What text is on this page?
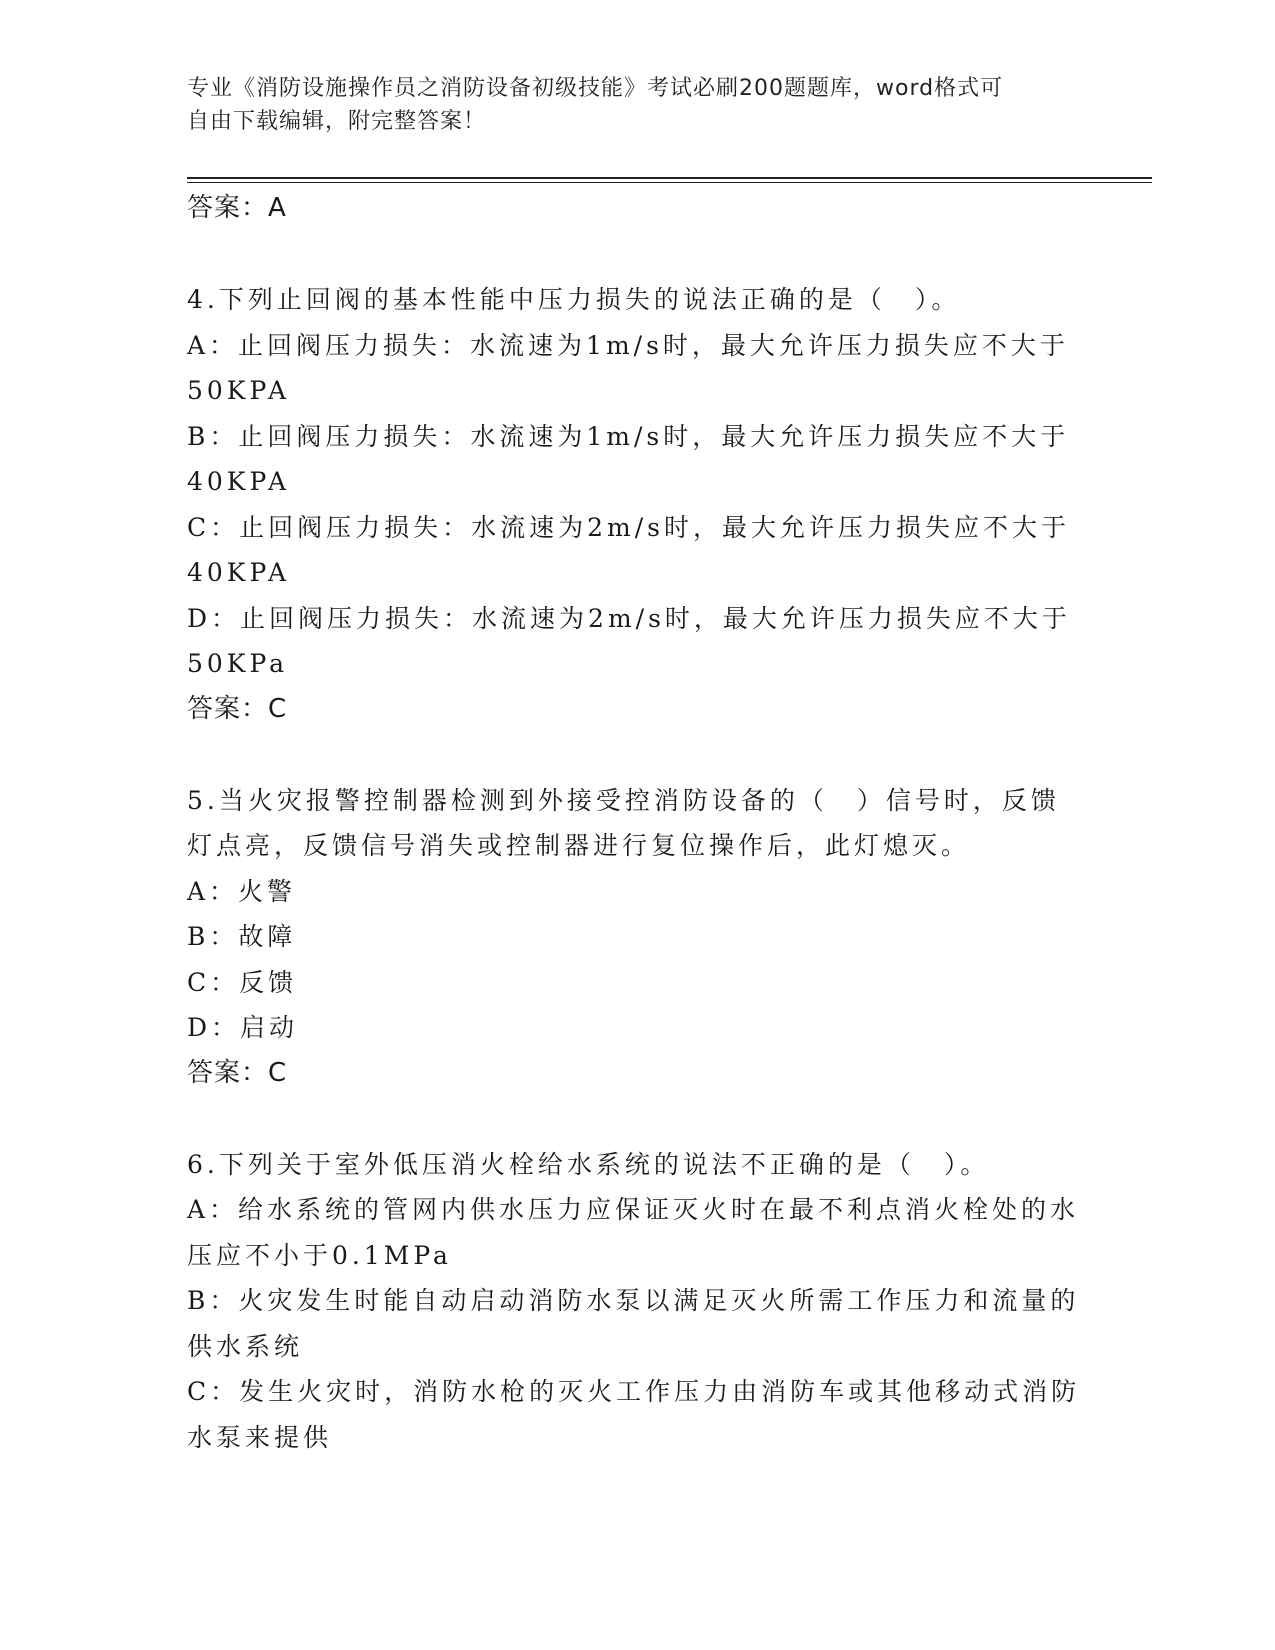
专业《消防设施操作员之消防设备初级技能》考试必刷200题题库，word格式可
自由下载编辑，附完整答案！
答案：A
4.下列止回阀的基本性能中压力损失的说法正确的是（　）。
A：止回阀压力损失：水流速为1m/s时，最大允许压力损失应不大于
50KPA
B：止回阀压力损失：水流速为1m/s时，最大允许压力损失应不大于
40KPA
C：止回阀压力损失：水流速为2m/s时，最大允许压力损失应不大于
40KPA
D：止回阀压力损失：水流速为2m/s时，最大允许压力损失应不大于
50KPa
答案：C
5.当火灾报警控制器检测到外接受控消防设备的（　）信号时，反馈
灯点亮，反馈信号消失或控制器进行复位操作后，此灯熄灭。
A：火警
B：故障
C：反馈
D：启动
答案：C
6.下列关于室外低压消火栓给水系统的说法不正确的是（　）。
A：给水系统的管网内供水压力应保证灭火时在最不利点消火栓处的水
压应不小于0.1MPa
B：火灾发生时能自动启动消防水泵以满足灭火所需工作压力和流量的
供水系统
C：发生火灾时，消防水枪的灭火工作压力由消防车或其他移动式消防
水泵来提供
